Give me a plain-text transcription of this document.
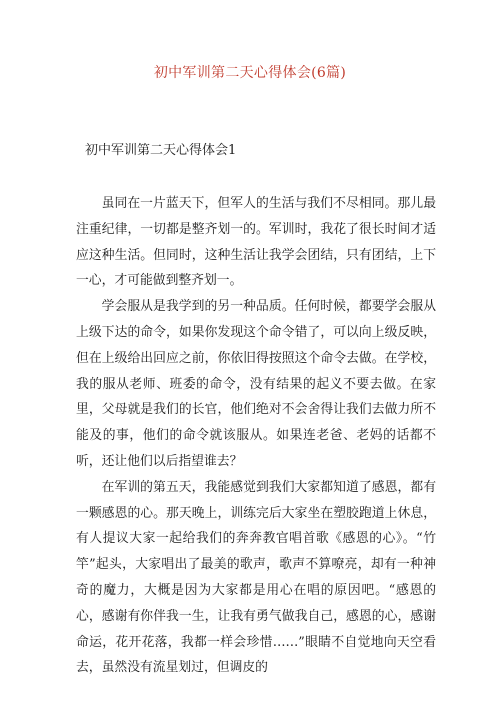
初中军训第二天心得体会(6篇)
初中军训第二天心得体会1

虽同在一片蓝天下，但军人的生活与我们不尽相同。那儿最注重纪律，一切都是整齐划一的。军训时，我花了很长时间才适应这种生活。但同时，这种生活让我学会团结，只有团结，上下一心，才可能做到整齐划一。

学会服从是我学到的另一种品质。任何时候，都要学会服从上级下达的命令，如果你发现这个命令错了，可以向上级反映，但在上级给出回应之前，你依旧得按照这个命令去做。在学校，我的服从老师、班委的命令，没有结果的起义不要去做。在家里，父母就是我们的长官，他们绝对不会舍得让我们去做力所不能及的事，他们的命令就该服从。如果连老爸、老妈的话都不听，还让他们以后指望谁去？

在军训的第五天，我能感觉到我们大家都知道了感恩，都有一颗感恩的心。那天晚上，训练完后大家坐在塑胶跑道上休息，有人提议大家一起给我们的奔奔教官唱首歌《感恩的心》。“竹竿”起头，大家唱出了最美的歌声，歌声不算嘹亮，却有一种神奇的魔力，大概是因为大家都是用心在唱的原因吧。“感恩的心，感谢有你伴我一生，让我有勇气做我自己，感恩的心，感谢命运，花开花落，我都一样会珍惜……”眼睛不自觉地向天空看去，虽然没有流星划过，但调皮的
